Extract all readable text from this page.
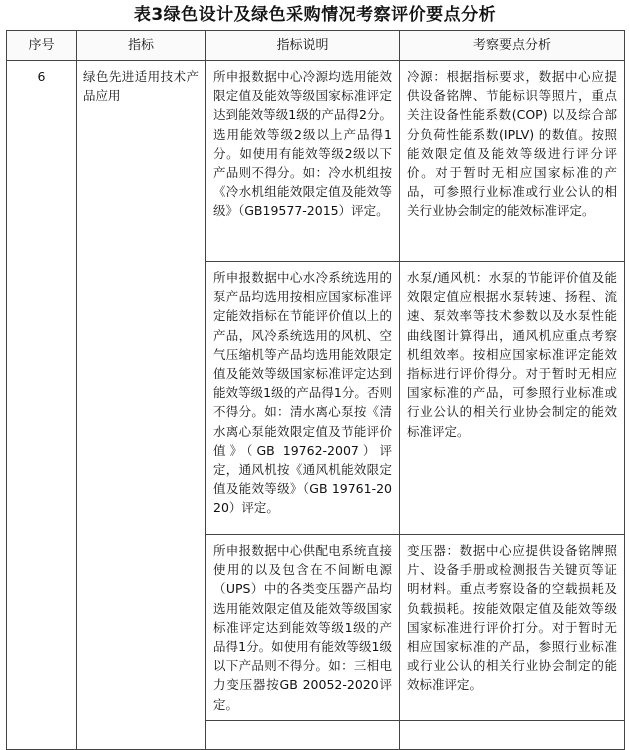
表3绿色设计及绿色采购情况考察评价要点分析
序号	指标	指标说明	考察要点分析
6	绿色先进适用技术产品应用	所申报数据中心冷源均选用能效限定值及能效等级国家标准评定达到能效等级1级的产品得2分。选用能效等级2级以上产品得1分。如使用有能效等级2级以下产品则不得分。如：冷水机组按《冷水机组能效限定值及能效等级》（GB19577-2015）评定。	冷源：根据指标要求，数据中心应提供设备铭牌、节能标识等照片，重点关注设备性能系数(COP) 以及综合部分负荷性能系数(IPLV) 的数值。按照能效限定值及能效等级进行评分评价。对于暂时无相应国家标准的产品，可参照行业标准或行业公认的相关行业协会制定的能效标准评定。
		所申报数据中心水冷系统选用的泵产品均选用按相应国家标准评定能效指标在节能评价值以上的产品，风冷系统选用的风机、空气压缩机等产品均选用能效限定值及能效等级国家标准评定达到能效等级1级的产品得1分。否则不得分。如：清水离心泵按《清水离心泵能效限定值及节能评价值》（GB 19762-2007）评定，通风机按《通风机能效限定值及能效等级》（GB 19761-2020）评定。	水泵/通风机：水泵的节能评价值及能效限定值应根据水泵转速、扬程、流速、泵效率等技术参数以及水泵性能曲线图计算得出，通风机应重点考察机组效率。按相应国家标准评定能效指标进行评价得分。对于暂时无相应国家标准的产品，可参照行业标准或行业公认的相关行业协会制定的能效标准评定。
		所申报数据中心供配电系统直接使用的以及包含在不间断电源（UPS）中的各类变压器产品均选用能效限定值及能效等级国家标准评定达到能效等级1级的产品得1分。如使用有能效等级1级以下产品则不得分。如：三相电力变压器按GB 20052-2020评定。	变压器：数据中心应提供设备铭牌照片、设备手册或检测报告关键页等证明材料。重点考察设备的空载损耗及负载损耗。按能效限定值及能效等级国家标准进行评价打分。对于暂时无相应国家标准的产品，参照行业标准或行业公认的相关行业协会制定的能效标准评定。
